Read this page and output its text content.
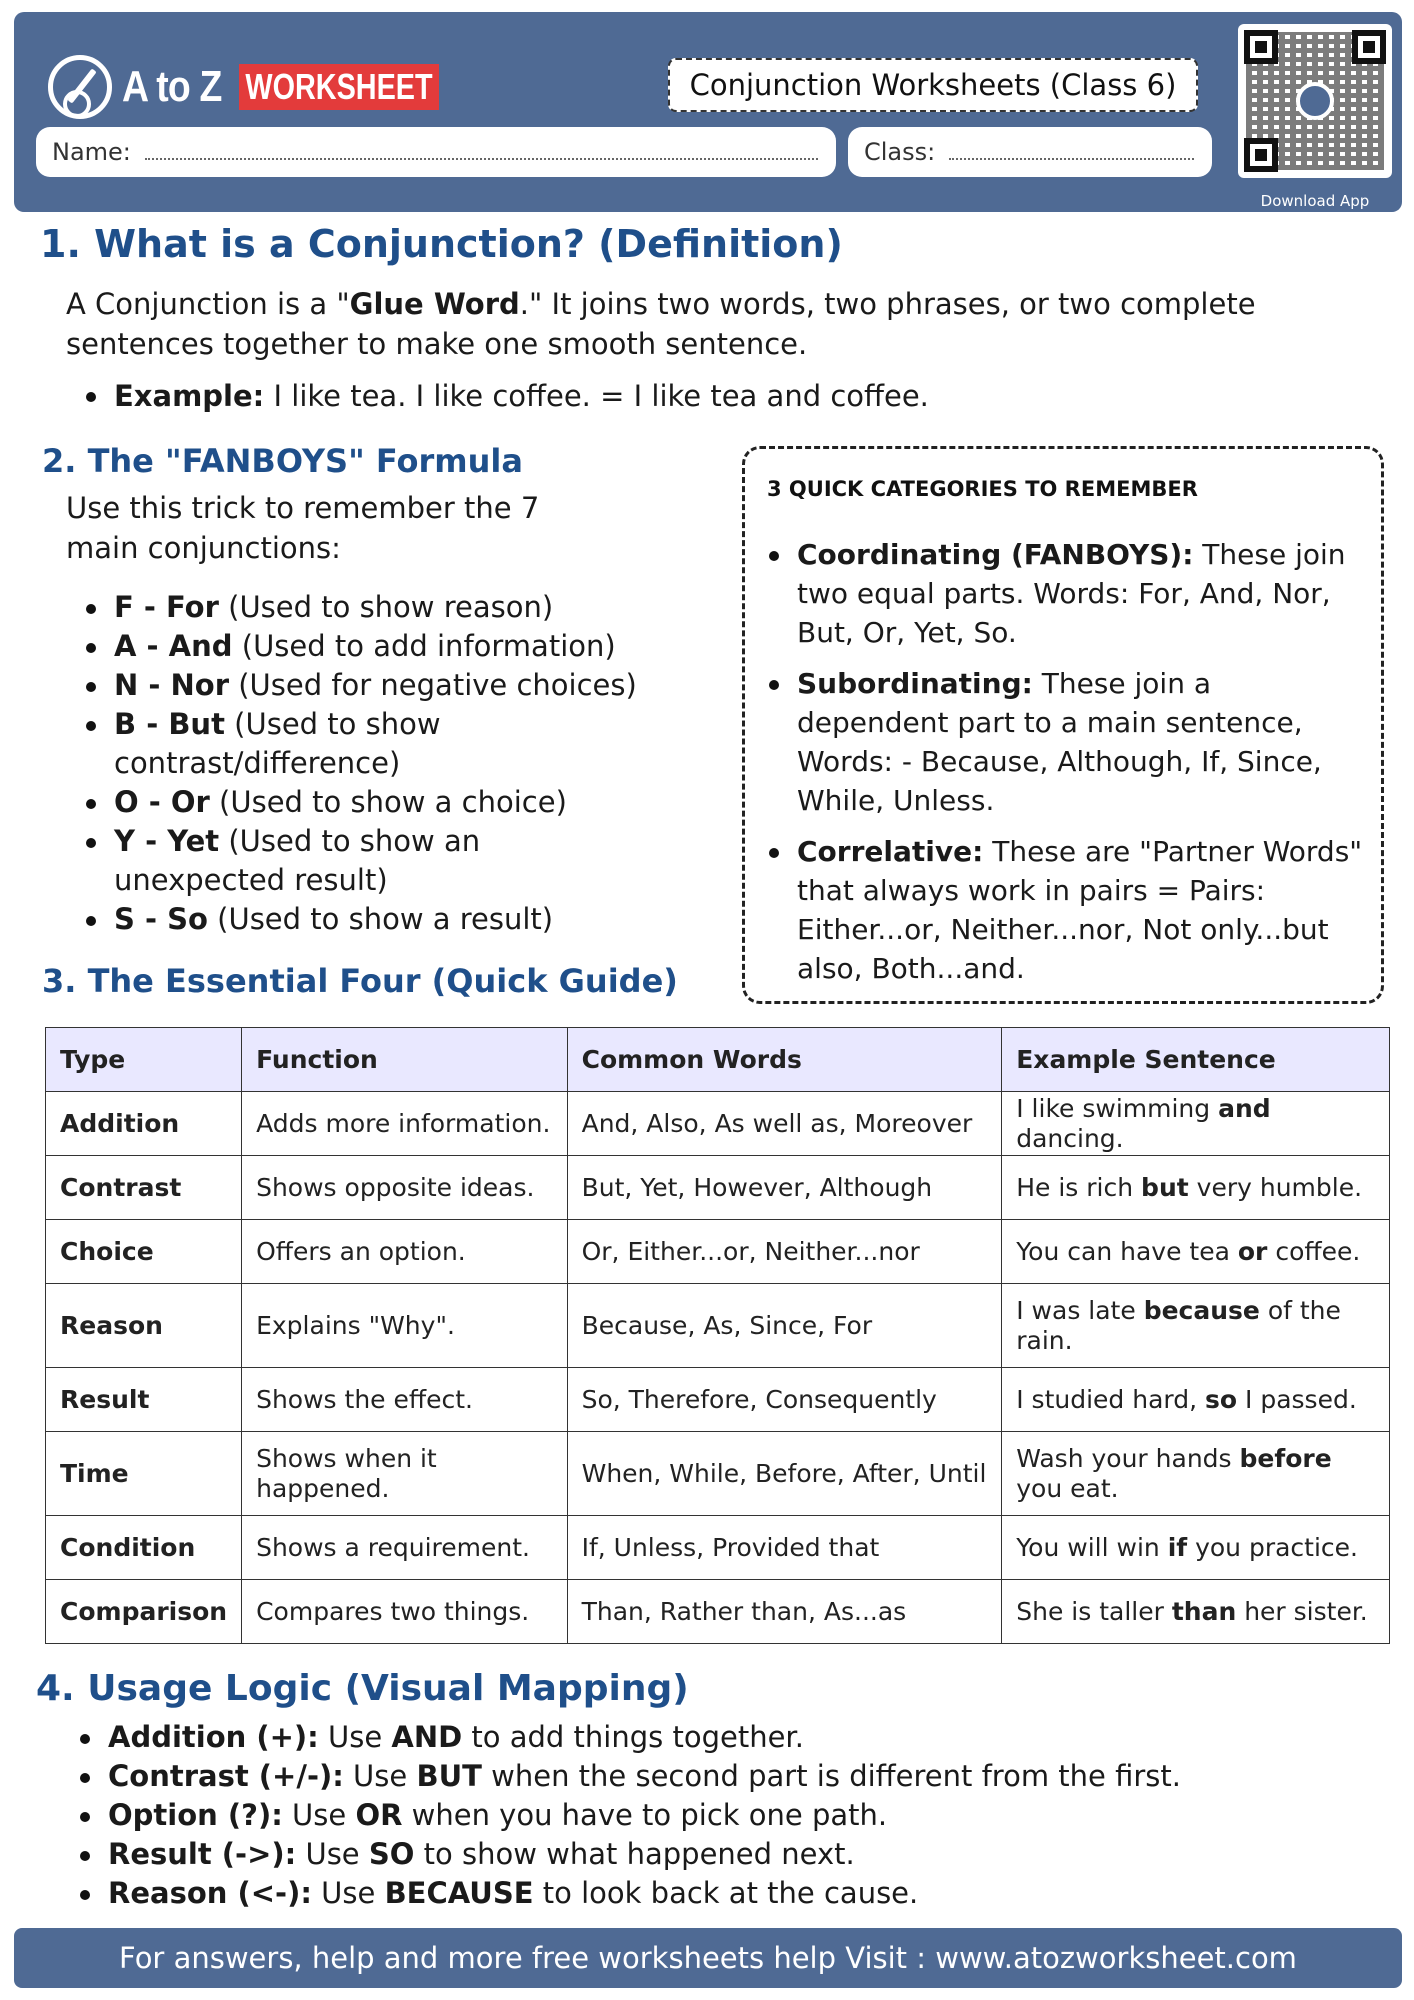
A to Z WORKSHEET	Conjunction Worksheets (Class 6)
Name:	Class:
Download App
1. What is a Conjunction? (Definition)
A Conjunction is a "Glue Word." It joins two words, two phrases, or two complete sentences together to make one smooth sentence.
Example: I like tea. I like coffee. = I like tea and coffee.
2. The "FANBOYS" Formula
Use this trick to remember the 7 main conjunctions:
F - For (Used to show reason)
A - And (Used to add information)
N - Nor (Used for negative choices)
B - But (Used to show contrast/difference)
O - Or (Used to show a choice)
Y - Yet (Used to show an unexpected result)
S - So (Used to show a result)
3 QUICK CATEGORIES TO REMEMBER
Coordinating (FANBOYS): These join two equal parts. Words: For, And, Nor, But, Or, Yet, So.
Subordinating: These join a dependent part to a main sentence, Words: - Because, Although, If, Since, While, Unless.
Correlative: These are "Partner Words" that always work in pairs = Pairs: Either...or, Neither...nor, Not only...but also, Both...and.
3. The Essential Four (Quick Guide)
Type	Function	Common Words	Example Sentence
Addition	Adds more information.	And, Also, As well as, Moreover	I like swimming and dancing.
Contrast	Shows opposite ideas.	But, Yet, However, Although	He is rich but very humble.
Choice	Offers an option.	Or, Either...or, Neither...nor	You can have tea or coffee.
Reason	Explains "Why".	Because, As, Since, For	I was late because of the rain.
Result	Shows the effect.	So, Therefore, Consequently	I studied hard, so I passed.
Time	Shows when it happened.	When, While, Before, After, Until	Wash your hands before you eat.
Condition	Shows a requirement.	If, Unless, Provided that	You will win if you practice.
Comparison	Compares two things.	Than, Rather than, As...as	She is taller than her sister.
4. Usage Logic (Visual Mapping)
Addition (+): Use AND to add things together.
Contrast (+/-): Use BUT when the second part is different from the first.
Option (?): Use OR when you have to pick one path.
Result (->): Use SO to show what happened next.
Reason (<-): Use BECAUSE to look back at the cause.
For answers, help and more free worksheets help Visit : www.atozworksheet.com
